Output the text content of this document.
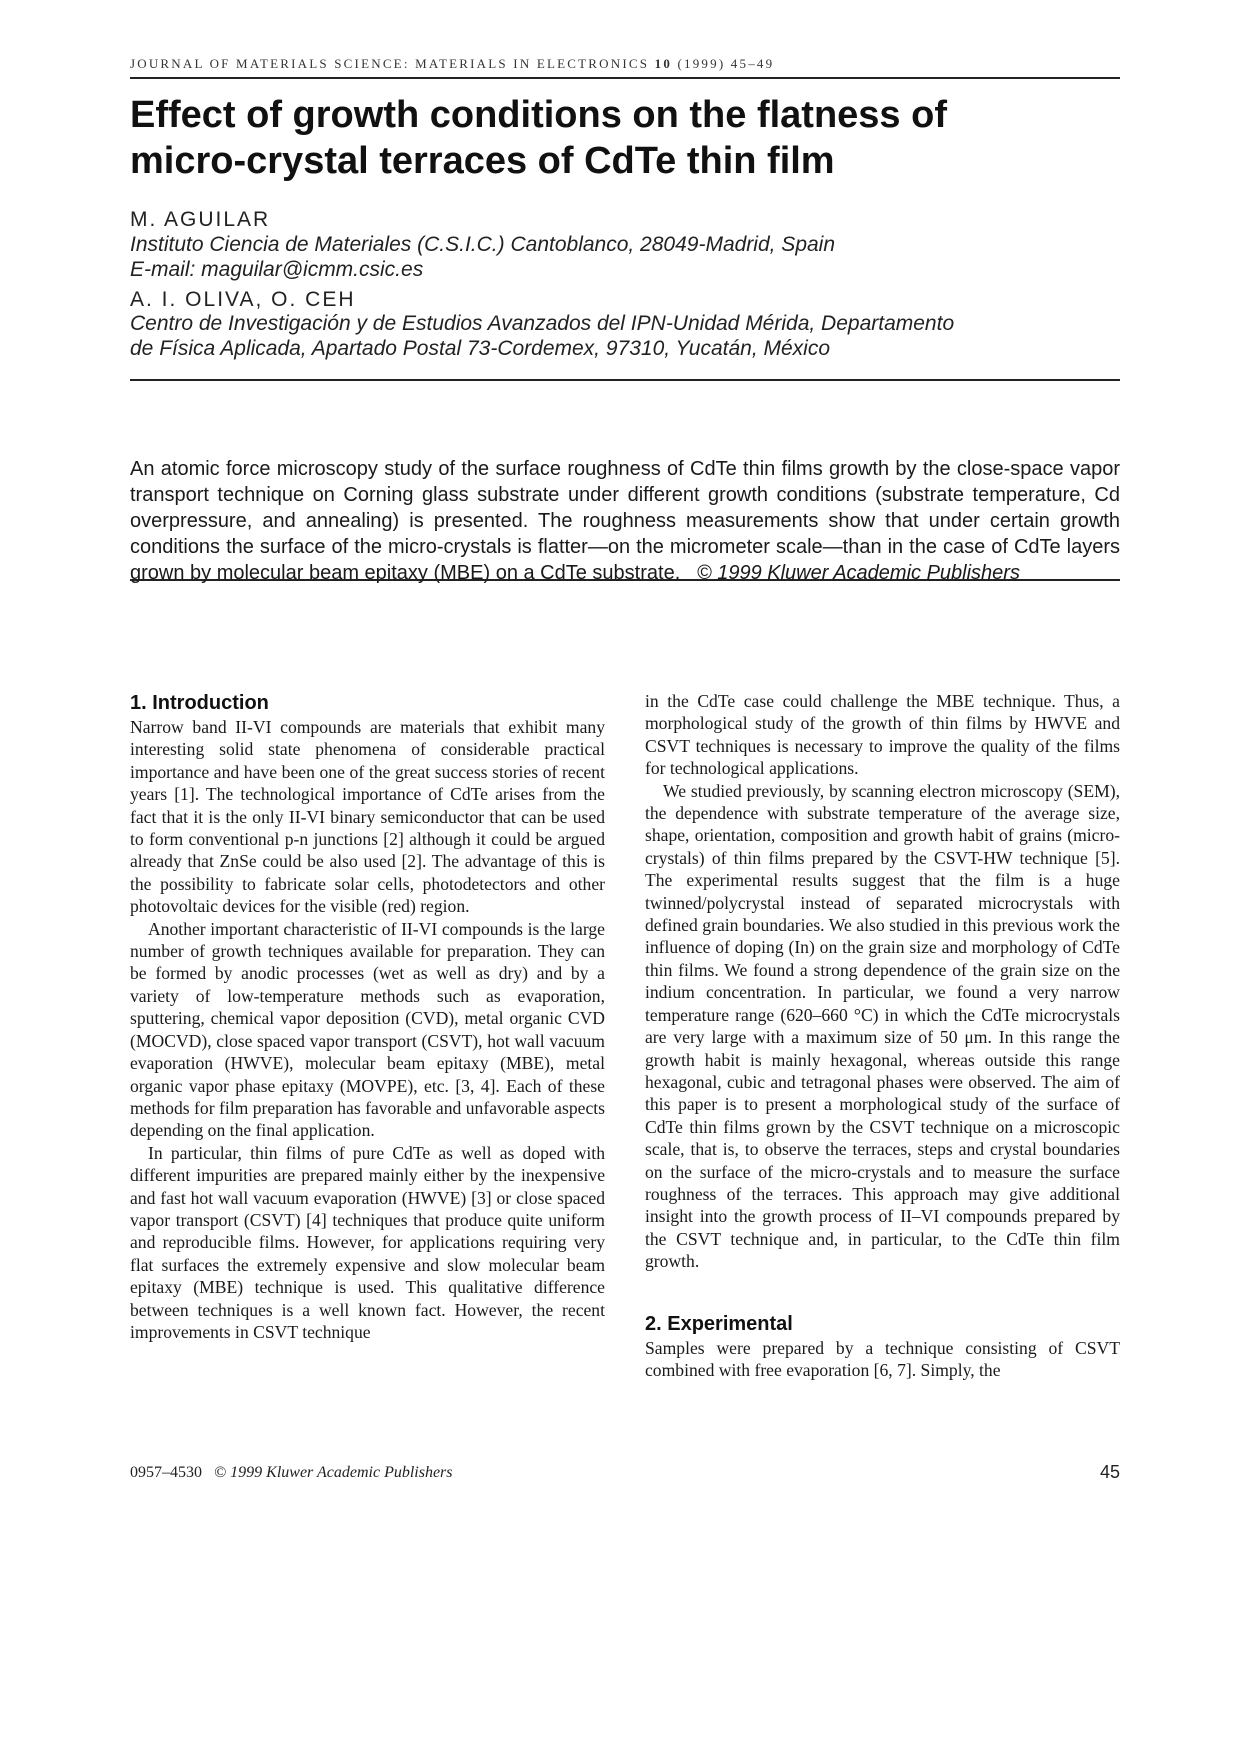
JOURNAL OF MATERIALS SCIENCE: MATERIALS IN ELECTRONICS 10 (1999) 45–49
Effect of growth conditions on the flatness of
micro-crystal terraces of CdTe thin film
M. AGUILAR
Instituto Ciencia de Materiales (C.S.I.C.) Cantoblanco, 28049-Madrid, Spain
E-mail: maguilar@icmm.csic.es
A. I. OLIVA, O. CEH
Centro de Investigación y de Estudios Avanzados del IPN-Unidad Mérida, Departamento
de Física Aplicada, Apartado Postal 73-Cordemex, 97310, Yucatán, México
An atomic force microscopy study of the surface roughness of CdTe thin films growth by the close-space vapor transport technique on Corning glass substrate under different growth conditions (substrate temperature, Cd overpressure, and annealing) is presented. The roughness measurements show that under certain growth conditions the surface of the micro-crystals is flatter—on the micrometer scale—than in the case of CdTe layers grown by molecular beam epitaxy (MBE) on a CdTe substrate. © 1999 Kluwer Academic Publishers
1. Introduction

Narrow band II-VI compounds are materials that exhibit many interesting solid state phenomena of considerable practical importance and have been one of the great success stories of recent years [1]. The technological importance of CdTe arises from the fact that it is the only II-VI binary semiconductor that can be used to form conventional p-n junctions [2] although it could be argued already that ZnSe could be also used [2]. The advantage of this is the possibility to fabricate solar cells, photodetectors and other photovoltaic devices for the visible (red) region.

Another important characteristic of II-VI compounds is the large number of growth techniques available for preparation. They can be formed by anodic processes (wet as well as dry) and by a variety of low-temperature methods such as evaporation, sputtering, chemical vapor deposition (CVD), metal organic CVD (MOCVD), close spaced vapor transport (CSVT), hot wall vacuum evaporation (HWVE), molecular beam epitaxy (MBE), metal organic vapor phase epitaxy (MOVPE), etc. [3, 4]. Each of these methods for film preparation has favorable and unfavorable aspects depending on the final application.

In particular, thin films of pure CdTe as well as doped with different impurities are prepared mainly either by the inexpensive and fast hot wall vacuum evaporation (HWVE) [3] or close spaced vapor transport (CSVT) [4] techniques that produce quite uniform and reproducible films. However, for applications requiring very flat surfaces the extremely expensive and slow molecular beam epitaxy (MBE) technique is used. This qualitative difference between techniques is a well known fact. However, the recent improvements in CSVT technique

in the CdTe case could challenge the MBE technique. Thus, a morphological study of the growth of thin films by HWVE and CSVT techniques is necessary to improve the quality of the films for technological applications.

We studied previously, by scanning electron microscopy (SEM), the dependence with substrate temperature of the average size, shape, orientation, composition and growth habit of grains (micro-crystals) of thin films prepared by the CSVT-HW technique [5]. The experimental results suggest that the film is a huge twinned/polycrystal instead of separated microcrystals with defined grain boundaries. We also studied in this previous work the influence of doping (In) on the grain size and morphology of CdTe thin films. We found a strong dependence of the grain size on the indium concentration. In particular, we found a very narrow temperature range (620–660 °C) in which the CdTe microcrystals are very large with a maximum size of 50 μm. In this range the growth habit is mainly hexagonal, whereas outside this range hexagonal, cubic and tetragonal phases were observed. The aim of this paper is to present a morphological study of the surface of CdTe thin films grown by the CSVT technique on a microscopic scale, that is, to observe the terraces, steps and crystal boundaries on the surface of the micro-crystals and to measure the surface roughness of the terraces. This approach may give additional insight into the growth process of II–VI compounds prepared by the CSVT technique and, in particular, to the CdTe thin film growth.

2. Experimental

Samples were prepared by a technique consisting of CSVT combined with free evaporation [6, 7]. Simply, the

0957–4530 © 1999 Kluwer Academic Publishers	45
